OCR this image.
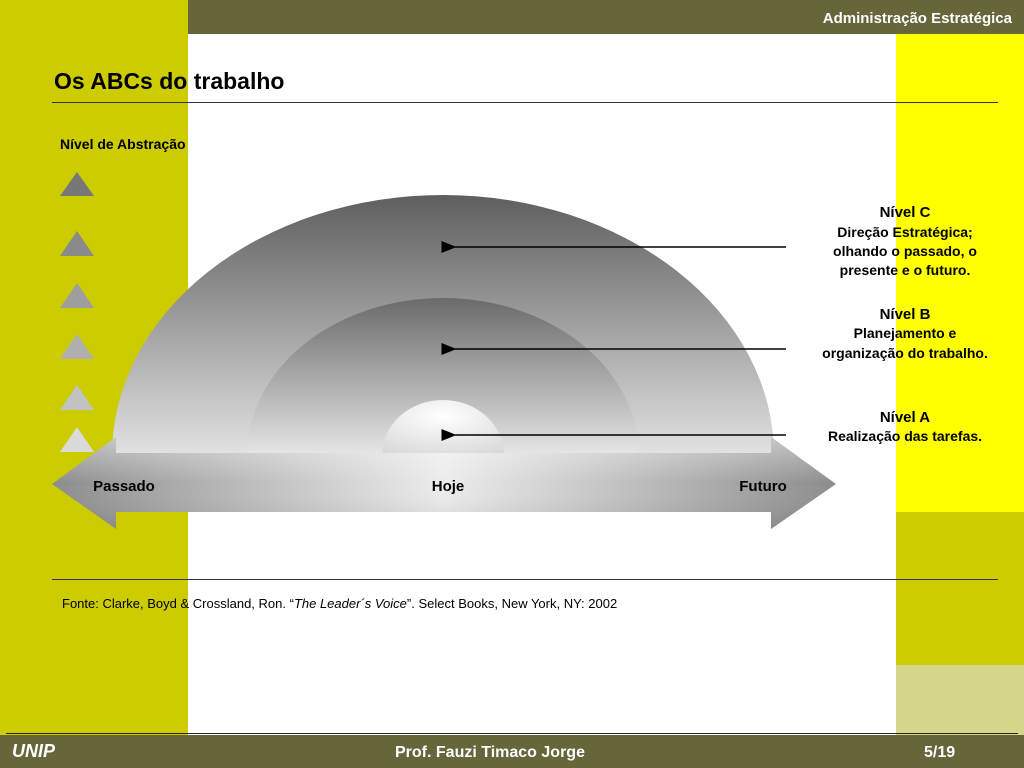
Administração Estratégica
Os ABCs do trabalho
Nível de Abstração
Nível C
Direção Estratégica;
olhando o passado, o
presente e o futuro.
Nível B
Planejamento e
organização do trabalho.
Nível A
Realização das tarefas.
Passado	Hoje	Futuro
Fonte: Clarke, Boyd & Crossland, Ron. “The Leader´s Voice”. Select Books, New York, NY: 2002
UNIP	Prof. Fauzi Timaco Jorge	5/19
